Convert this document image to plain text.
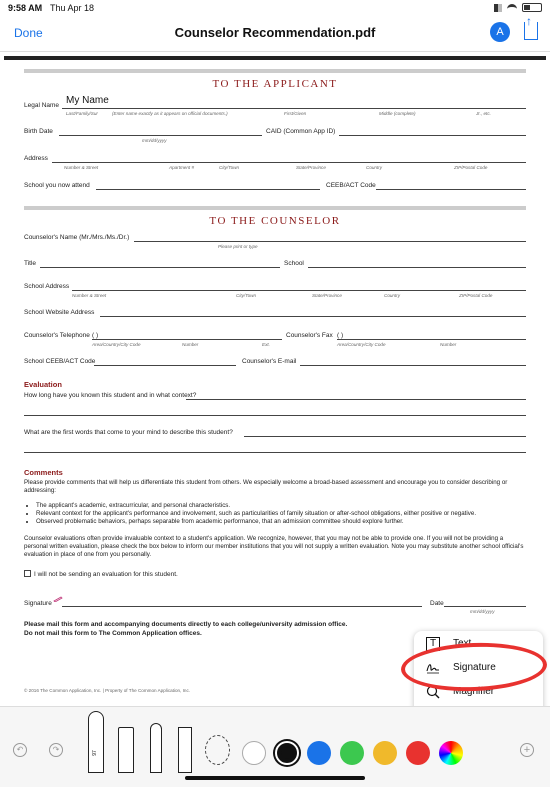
9:58 AM Thu Apr 18
Done	Counselor Recommendation.pdf	A
↑
TO THE APPLICANT
Legal Name My Name
Last/Family/Sur	(Enter name exactly as it appears on official documents.)	First/Given	Middle (complete)	Jr., etc.
Birth Date
mm/dd/yyyy
CAID (Common App ID)
Address
Number & Street	Apartment #	City/Town	State/Province	Country	ZIP/Postal Code
School you now attend	CEEB/ACT Code
TO THE COUNSELOR
Counselor's Name (Mr./Mrs./Ms./Dr.)
Please print or type
Title	School
School Address
Number & Street	City/Town	State/Province	Country	ZIP/Postal Code
School Website Address
Counselor's Telephone ( )
Area/Country/City Code	Number	Ext.
Counselor's Fax ( )
Area/Country/City Code	Number
School CEEB/ACT Code	Counselor's E-mail
Evaluation
How long have you known this student and in what context?
What are the first words that come to your mind to describe this student?
Comments
Please provide comments that will help us differentiate this student from others. We especially welcome a broad-based assessment and encourage you to consider describing or addressing:
• The applicant's academic, extracurricular, and personal characteristics.
• Relevant context for the applicant's performance and involvement, such as particularities of family situation or after-school obligations, either positive or negative.
• Observed problematic behaviors, perhaps separable from academic performance, that an admission committee should explore further.
Counselor evaluations often provide invaluable context to a student's application. We recognize, however, that you may not be able to provide one. If you will not be providing a personal written evaluation, please check the box below to inform our member institutions that you will not supply a written evaluation. Note you may substitute another school official's evaluation in place of one from you personally.
I will not be sending an evaluation for this student.
Signature	Date
mm/dd/yyyy
Please mail this form and accompanying documents directly to each college/university admission office.
Do not mail this form to The Common Application offices.
© 2016 The Common Application, Inc. | Property of The Common Application, Inc.
T	Text
Signature
Magnifier
↶	↷	97	+
